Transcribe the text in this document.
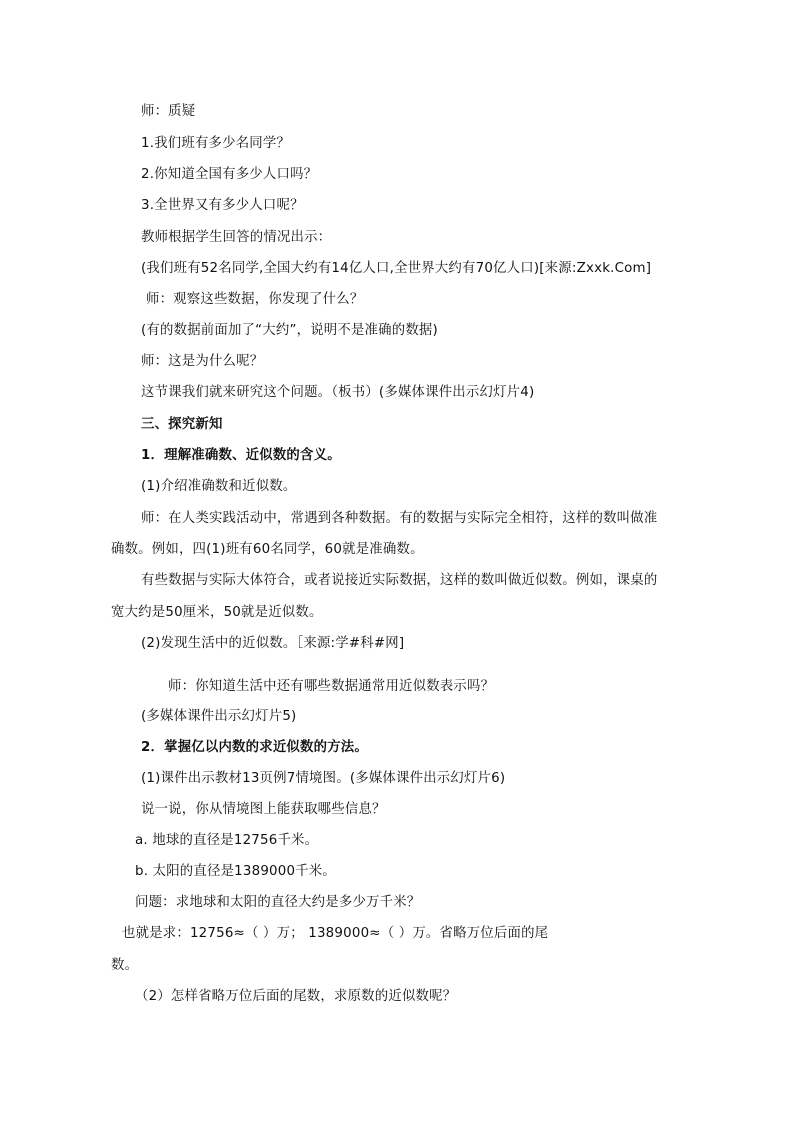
师：质疑
1.我们班有多少名同学？
2.你知道全国有多少人口吗？
3.全世界又有多少人口呢？
教师根据学生回答的情况出示：
(我们班有52名同学,全国大约有14亿人口,全世界大约有70亿人口)[来源:Zxxk.Com]
师：观察这些数据，你发现了什么？
(有的数据前面加了“大约”，说明不是准确的数据)
师：这是为什么呢？
这节课我们就来研究这个问题。（板书）(多媒体课件出示幻灯片4)
三、探究新知
1．理解准确数、近似数的含义。
(1)介绍准确数和近似数。
师：在人类实践活动中，常遇到各种数据。有的数据与实际完全相符，这样的数叫做准
确数。例如，四(1)班有60名同学，60就是准确数。
有些数据与实际大体符合，或者说接近实际数据，这样的数叫做近似数。例如，课桌的
宽大约是50厘米，50就是近似数。
(2)发现生活中的近似数。［来源:学#科#网]
师：你知道生活中还有哪些数据通常用近似数表示吗？
(多媒体课件出示幻灯片5)
2．掌握亿以内数的求近似数的方法。
(1)课件出示教材13页例7情境图。(多媒体课件出示幻灯片6)
说一说，你从情境图上能获取哪些信息？
a. 地球的直径是12756千米。
b. 太阳的直径是1389000千米。
问题：求地球和太阳的直径大约是多少万千米？
也就是求：12756≈（ ）万； 1389000≈（ ）万。省略万位后面的尾
数。
（2）怎样省略万位后面的尾数，求原数的近似数呢？
